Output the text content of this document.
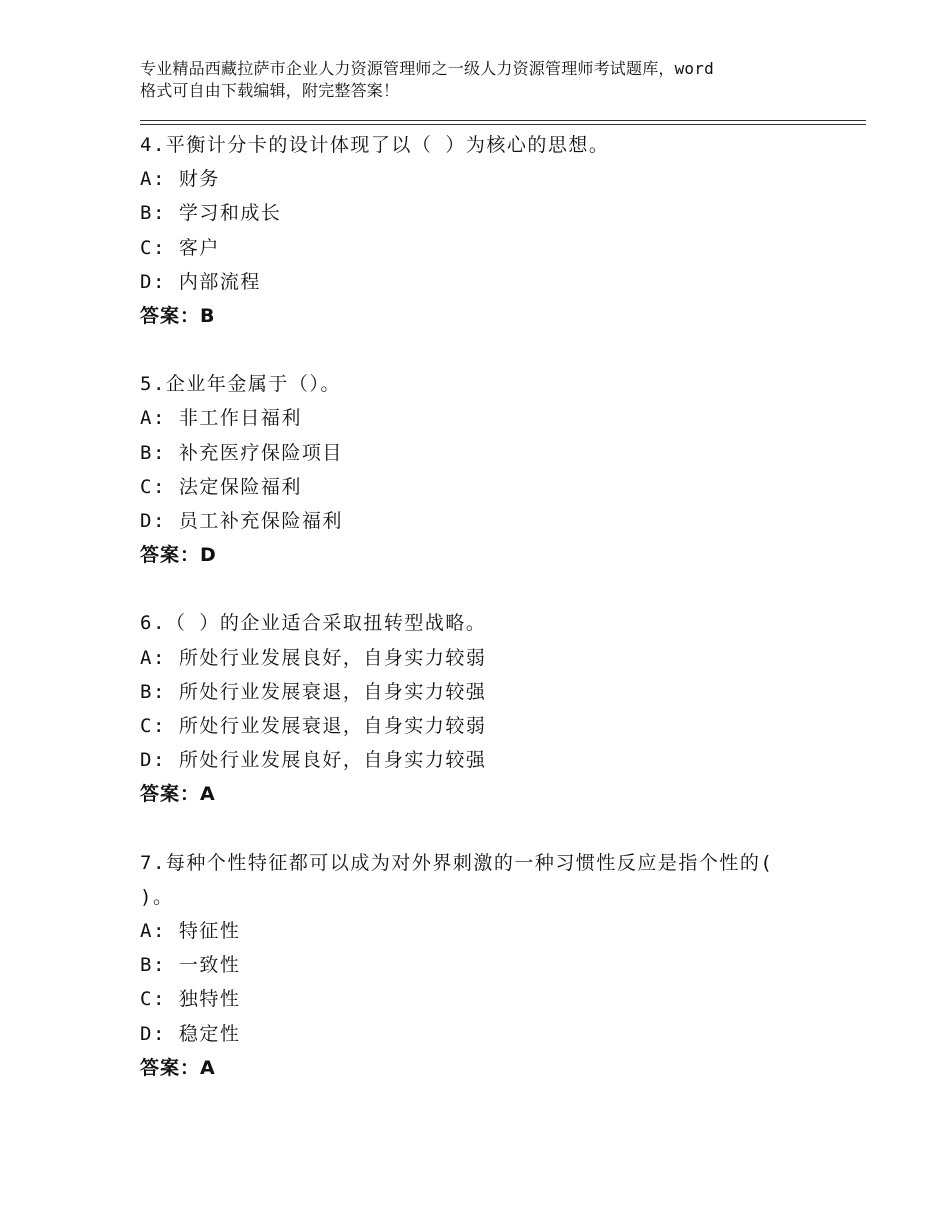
专业精品西藏拉萨市企业人力资源管理师之一级人力资源管理师考试题库，word
格式可自由下载编辑，附完整答案！
4.平衡计分卡的设计体现了以（ ）为核心的思想。
A: 财务
B: 学习和成长
C: 客户
D: 内部流程
答案：B
5.企业年金属于（）。
A: 非工作日福利
B: 补充医疗保险项目
C: 法定保险福利
D: 员工补充保险福利
答案：D
6.（ ）的企业适合采取扭转型战略。
A: 所处行业发展良好，自身实力较弱
B: 所处行业发展衰退，自身实力较强
C: 所处行业发展衰退，自身实力较弱
D: 所处行业发展良好，自身实力较强
答案：A
7.每种个性特征都可以成为对外界刺激的一种习惯性反应是指个性的(
)。
A: 特征性
B: 一致性
C: 独特性
D: 稳定性
答案：A
